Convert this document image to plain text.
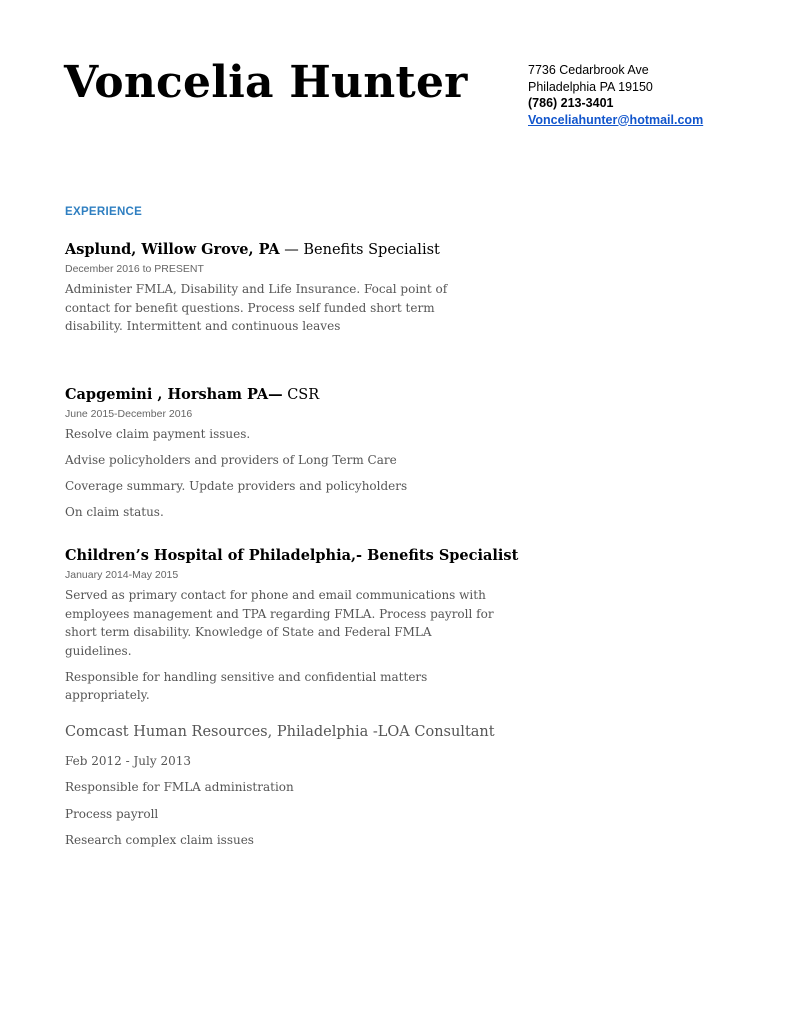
Voncelia Hunter	7736 Cedarbrook Ave
Philadelphia PA 19150
(786) 213-3401
Vonceliahunter@hotmail.com
EXPERIENCE
Asplund, Willow Grove, PA — Benefits Specialist
December 2016 to PRESENT

Administer FMLA, Disability and Life Insurance. Focal point of contact for benefit questions. Process self funded short term disability. Intermittent and continuous leaves

Capgemini , Horsham PA— CSR
June 2015-December 2016

Resolve claim payment issues.

Advise policyholders and providers of Long Term Care

Coverage summary. Update providers and policyholders

On claim status.

Children’s Hospital of Philadelphia,- Benefits Specialist
January 2014-May 2015

Served as primary contact for phone and email communications with employees management and TPA regarding FMLA. Process payroll for short term disability. Knowledge of State and Federal FMLA guidelines.

Responsible for handling sensitive and confidential matters appropriately.

Comcast Human Resources, Philadelphia -LOA Consultant
Feb 2012 - July 2013
Responsible for FMLA administration
Process payroll
Research complex claim issues
